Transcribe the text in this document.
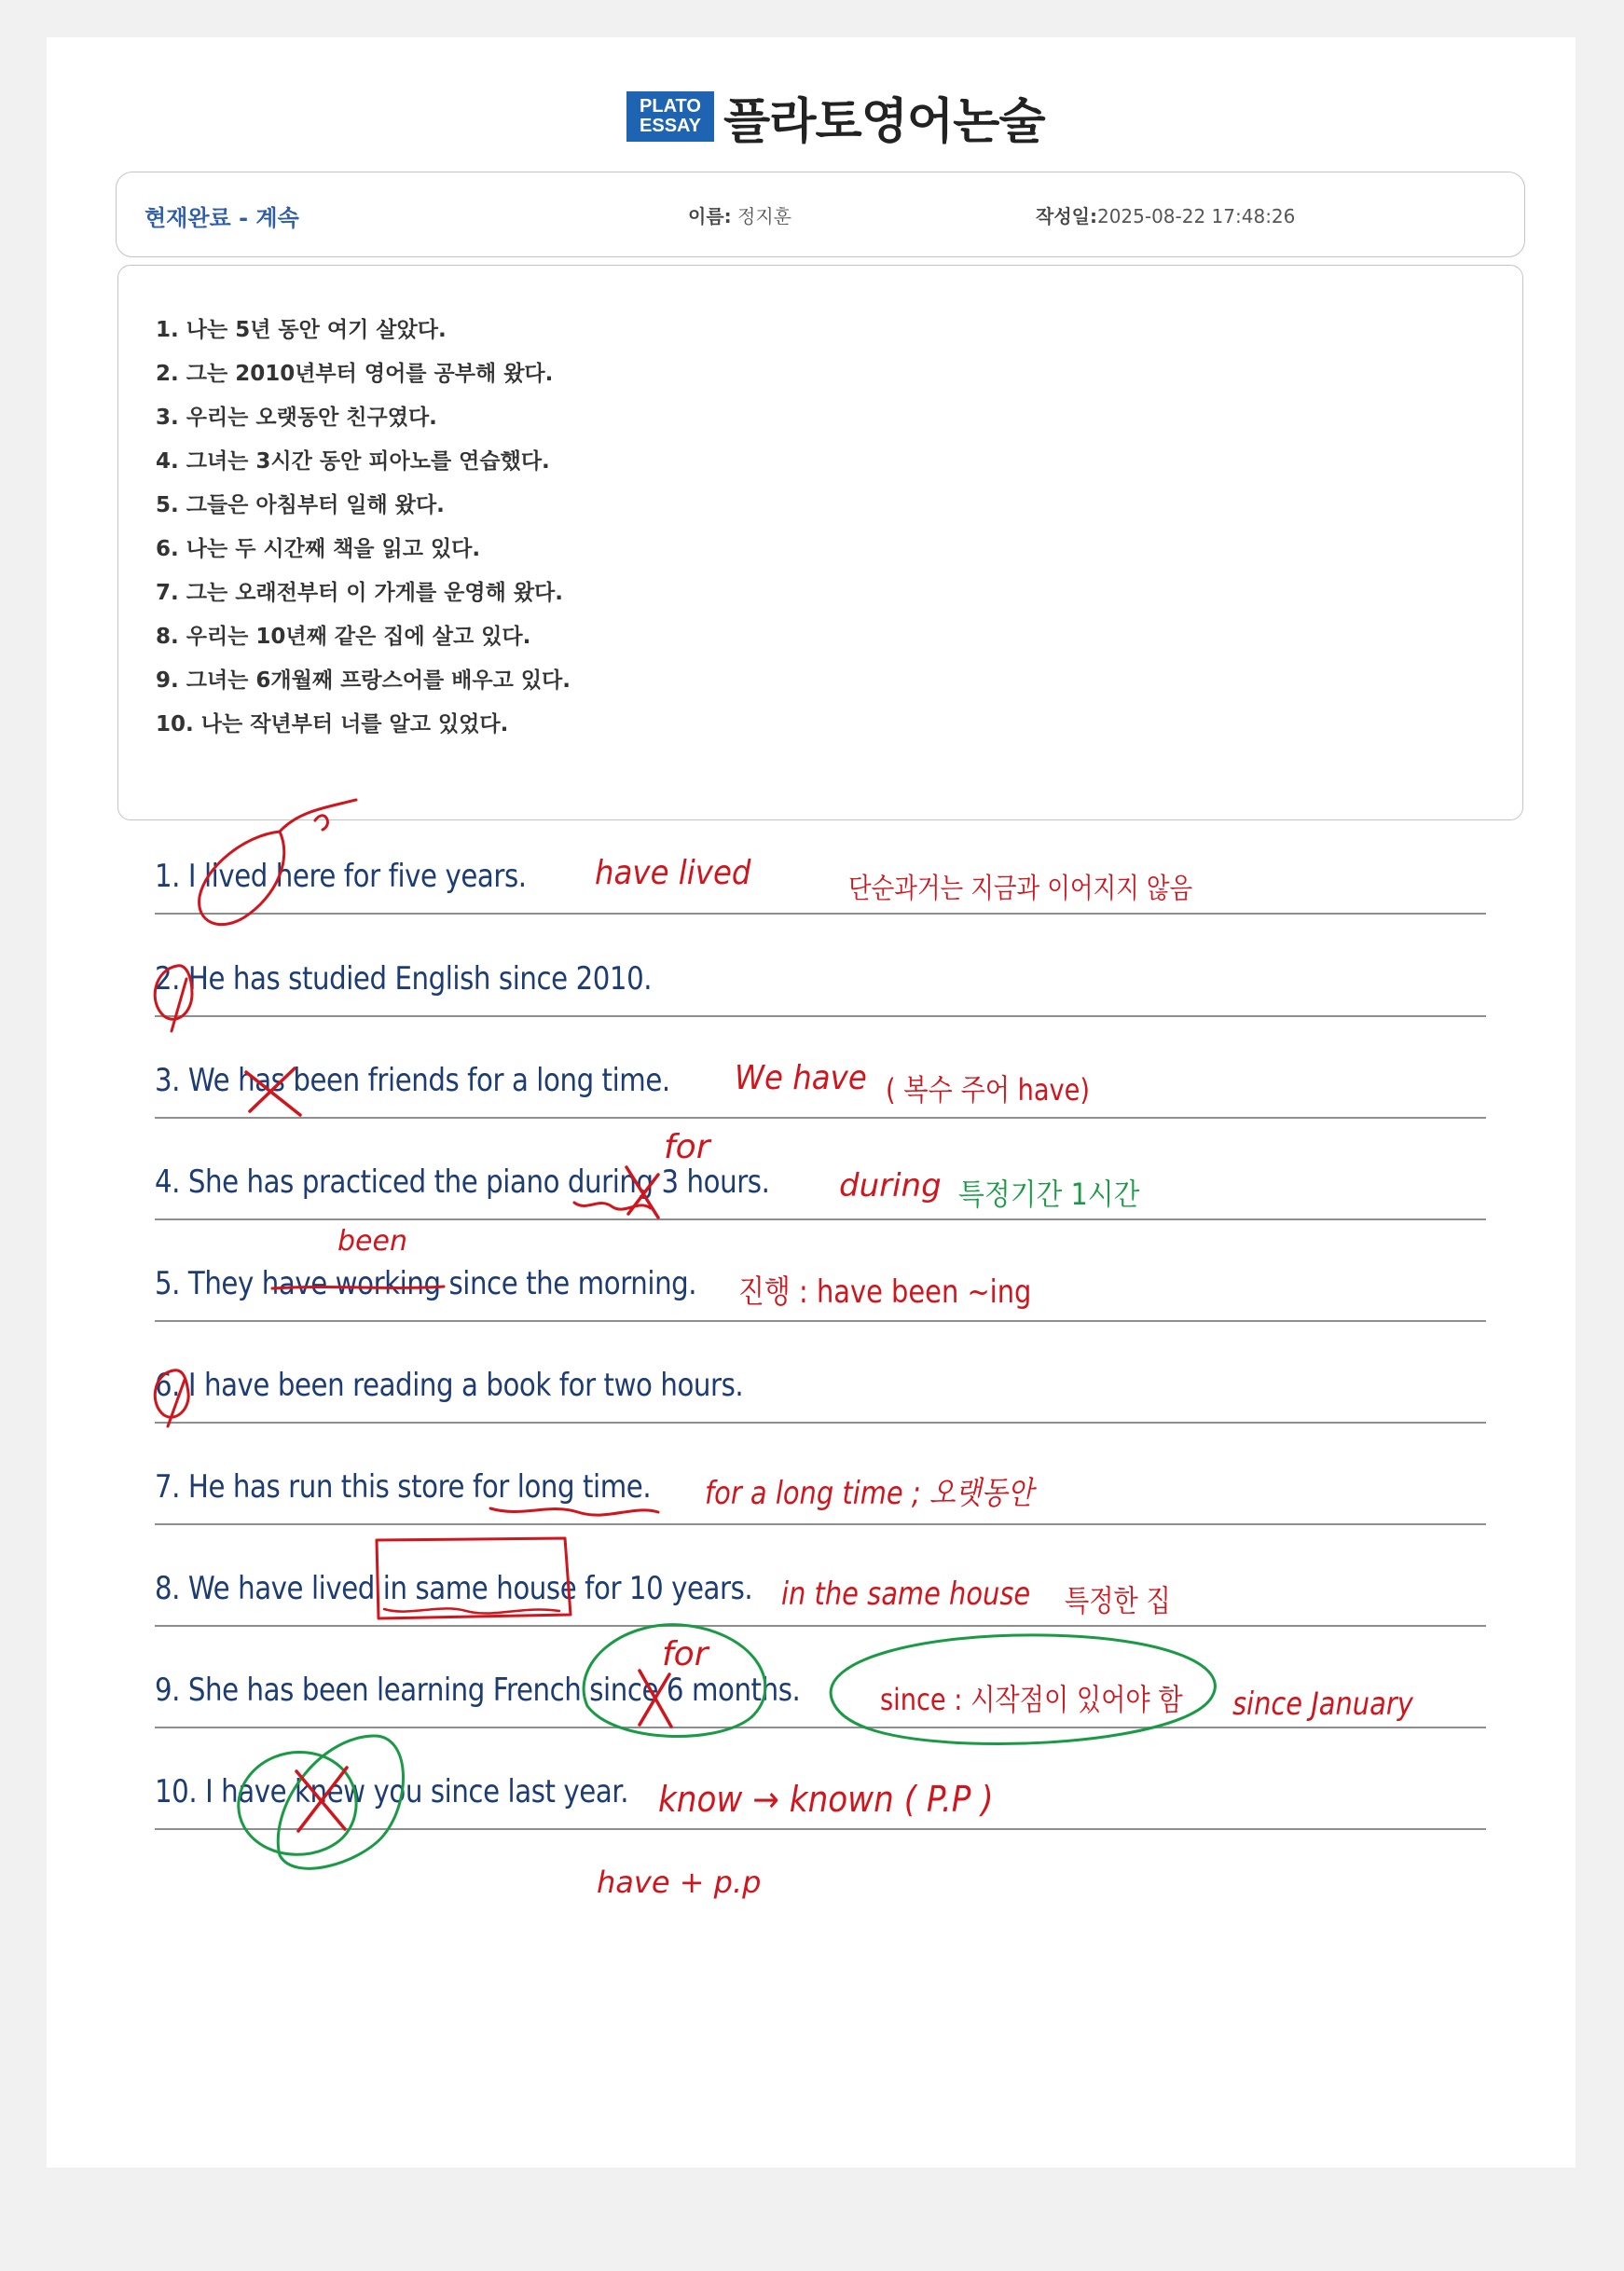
PLATO
ESSAY 플라토영어논술
현재완료 - 계속	이름: 정지훈	작성일:2025-08-22 17:48:26
1. 나는 5년 동안 여기 살았다.
2. 그는 2010년부터 영어를 공부해 왔다.
3. 우리는 오랫동안 친구였다.
4. 그녀는 3시간 동안 피아노를 연습했다.
5. 그들은 아침부터 일해 왔다.
6. 나는 두 시간째 책을 읽고 있다.
7. 그는 오래전부터 이 가게를 운영해 왔다.
8. 우리는 10년째 같은 집에 살고 있다.
9. 그녀는 6개월째 프랑스어를 배우고 있다.
10. 나는 작년부터 너를 알고 있었다.
1. I lived here for five years.
2. He has studied English since 2010.
3. We has been friends for a long time.
4. She has practiced the piano during 3 hours.
5. They have working since the morning.
6. I have been reading a book for two hours.
7. He has run this store for long time.
8. We have lived in same house for 10 years.
9. She has been learning French since 6 months.
10. I have knew you since last year.
have lived	단순과거는 지금과 이어지지 않음
We have ( 복수 주어 have)
for
during 특정기간 1시간
been
진행 : have been ~ing
for a long time ; 오랫동안
in the same house 특정한 집
for
since : 시작점이 있어야 함 since January
know → known ( P.P )
have + p.p
